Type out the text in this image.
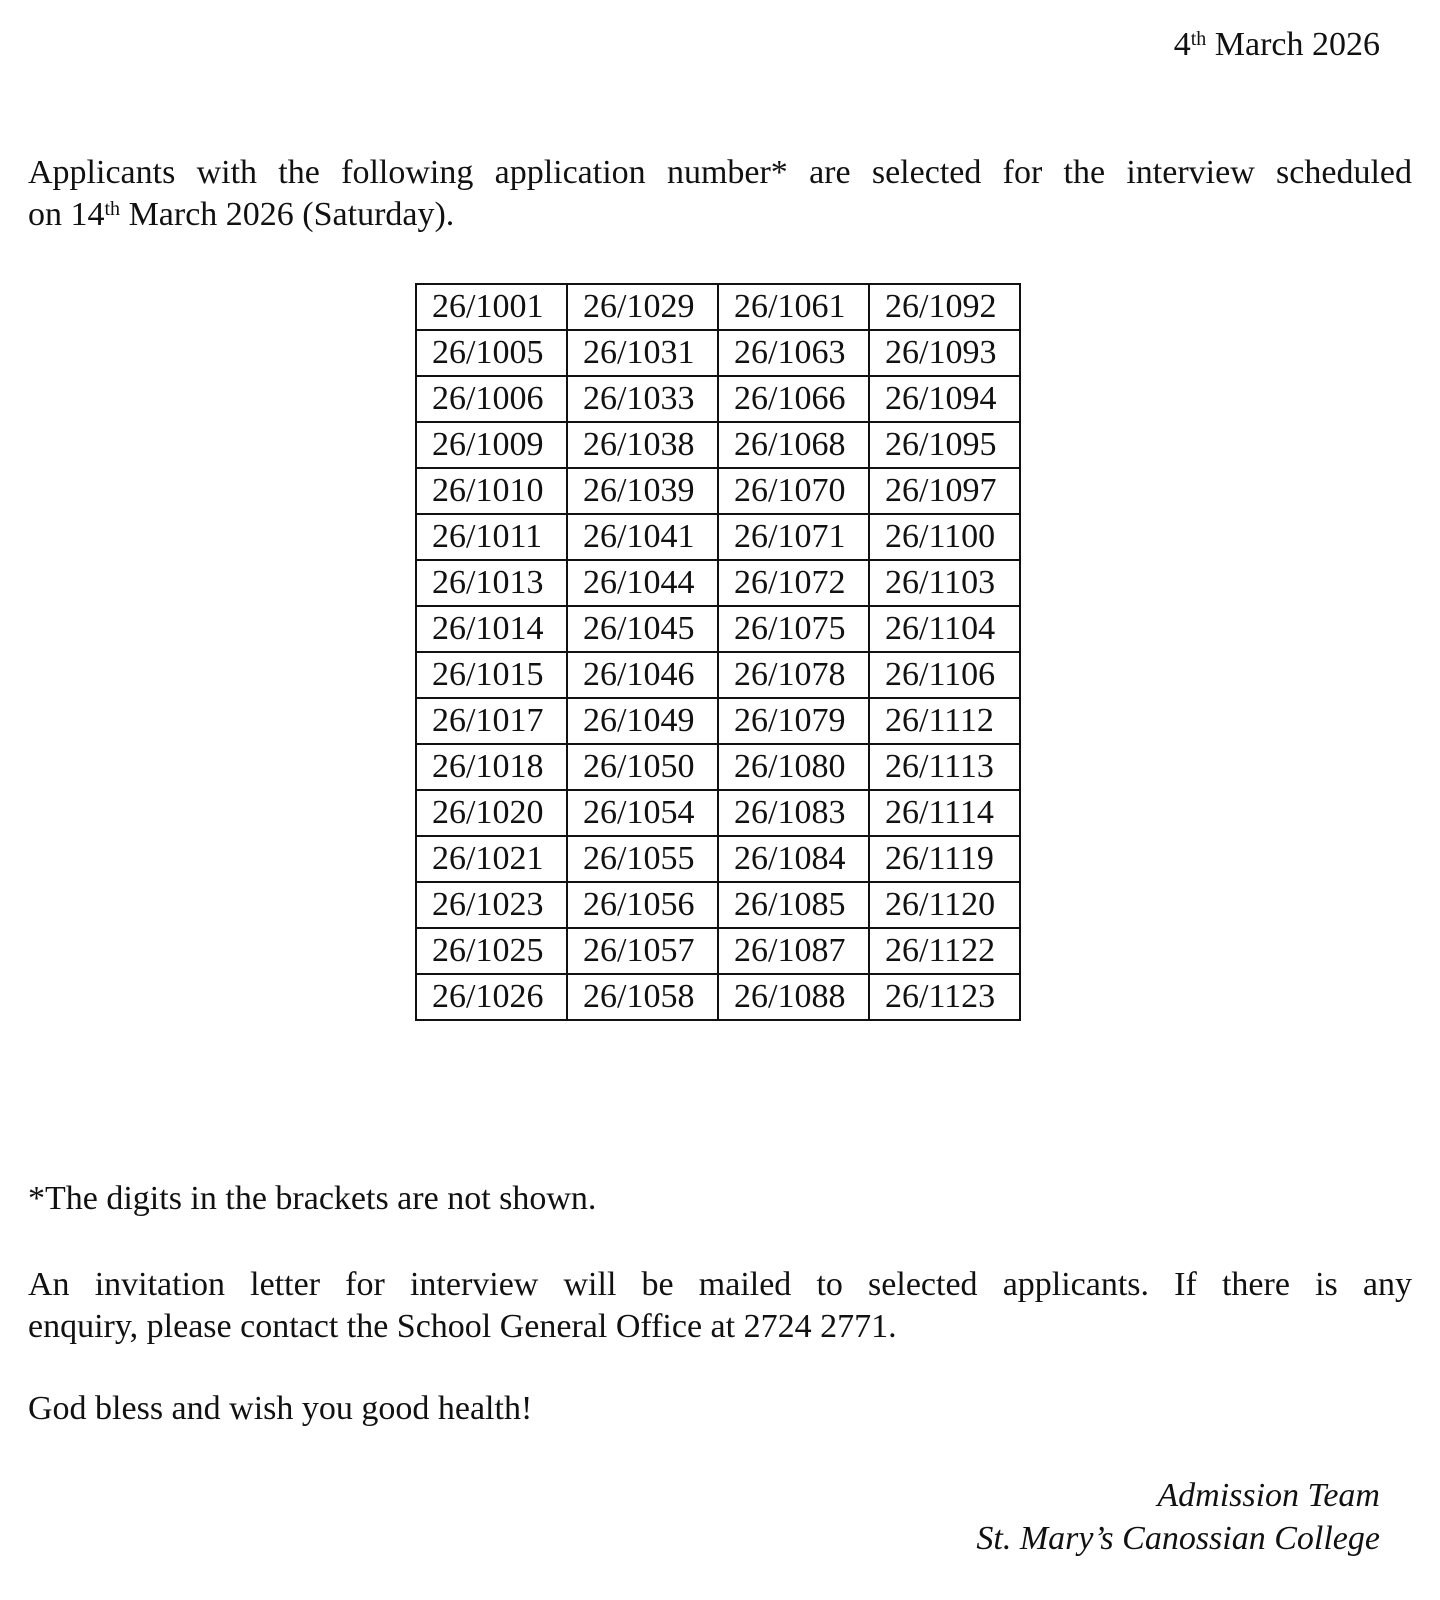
4th March 2026
Applicants with the following application number* are selected for the interview scheduled
on 14th March 2026 (Saturday).
26/1001	26/1029	26/1061	26/1092
26/1005	26/1031	26/1063	26/1093
26/1006	26/1033	26/1066	26/1094
26/1009	26/1038	26/1068	26/1095
26/1010	26/1039	26/1070	26/1097
26/1011	26/1041	26/1071	26/1100
26/1013	26/1044	26/1072	26/1103
26/1014	26/1045	26/1075	26/1104
26/1015	26/1046	26/1078	26/1106
26/1017	26/1049	26/1079	26/1112
26/1018	26/1050	26/1080	26/1113
26/1020	26/1054	26/1083	26/1114
26/1021	26/1055	26/1084	26/1119
26/1023	26/1056	26/1085	26/1120
26/1025	26/1057	26/1087	26/1122
26/1026	26/1058	26/1088	26/1123
*The digits in the brackets are not shown.
An invitation letter for interview will be mailed to selected applicants. If there is any
enquiry, please contact the School General Office at 2724 2771.
God bless and wish you good health!
Admission Team
St. Mary’s Canossian College
